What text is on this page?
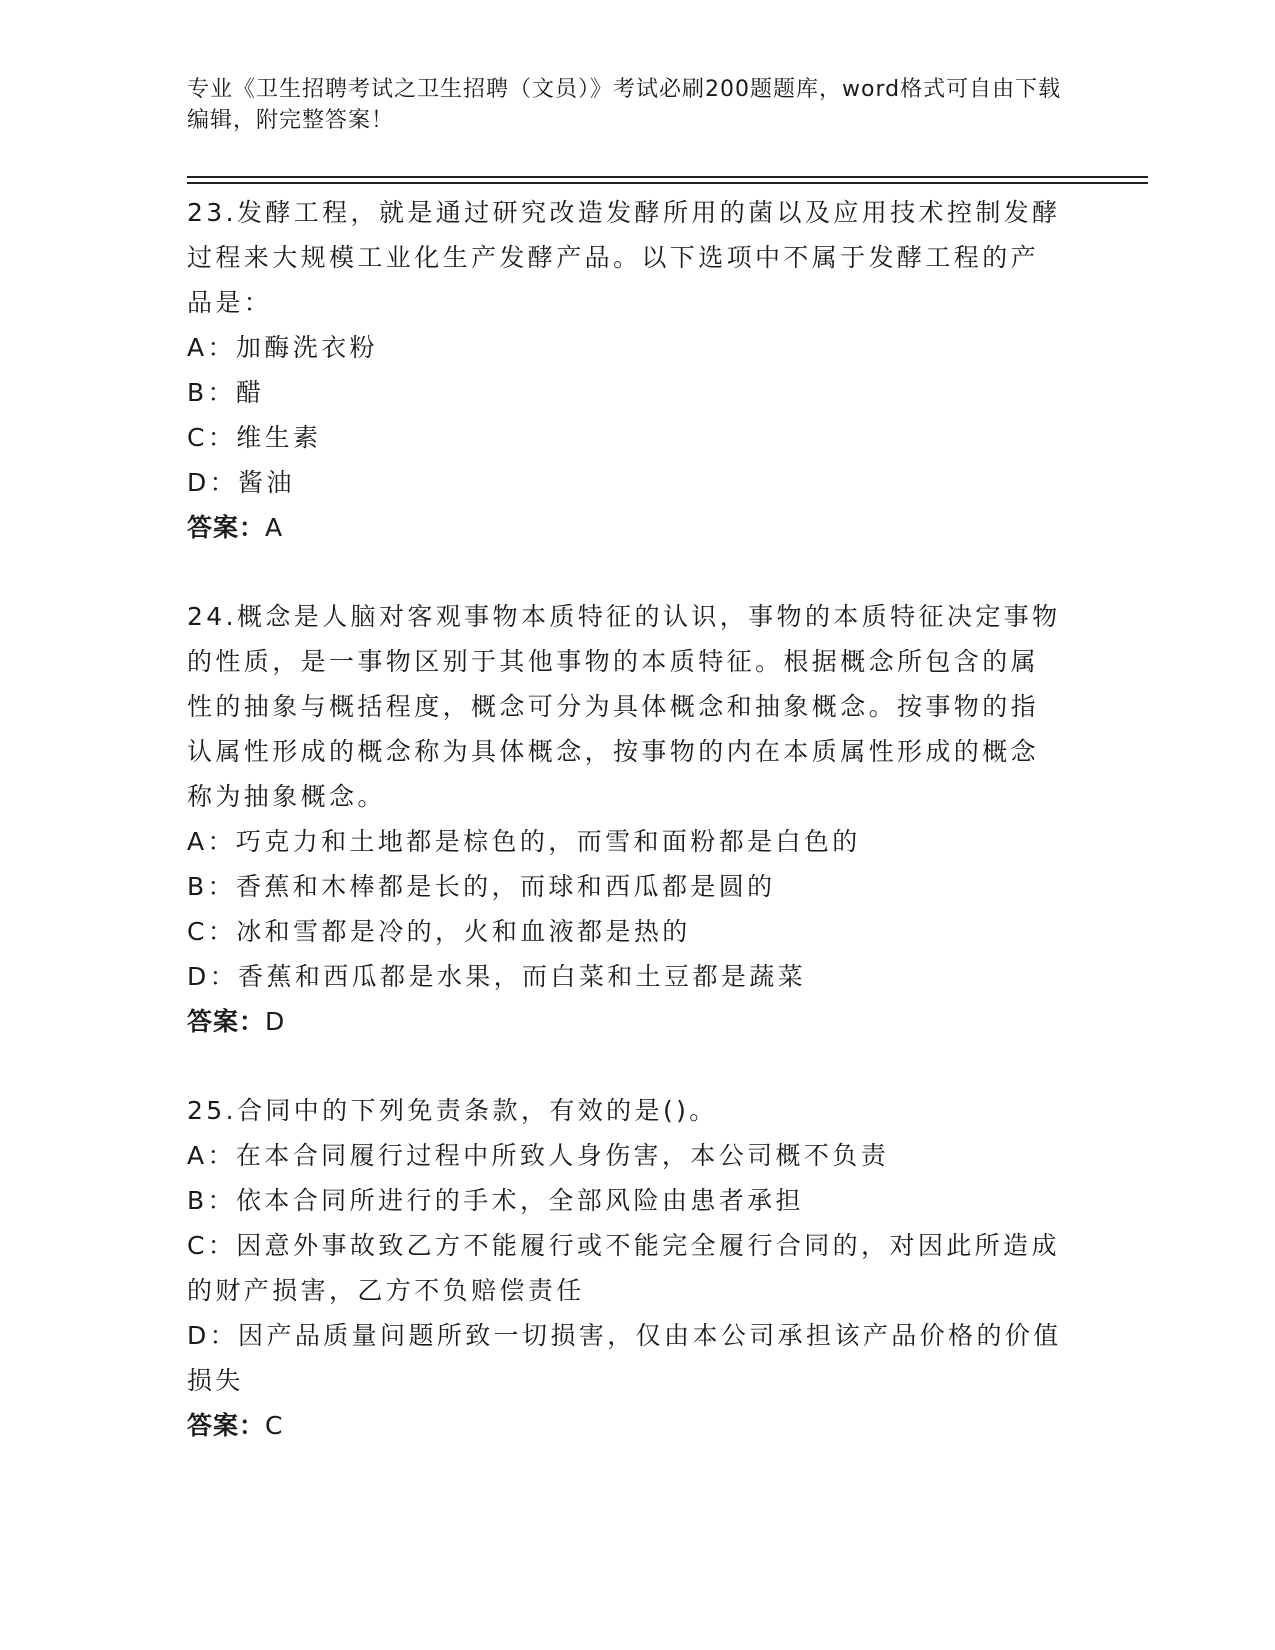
专业《卫生招聘考试之卫生招聘（文员）》考试必刷200题题库，word格式可自由下载编辑，附完整答案！

23.发酵工程，就是通过研究改造发酵所用的菌以及应用技术控制发酵过程来大规模工业化生产发酵产品。以下选项中不属于发酵工程的产品是：

A：加酶洗衣粉

B：醋

C：维生素

D：酱油

答案：A

24.概念是人脑对客观事物本质特征的认识，事物的本质特征决定事物的性质，是一事物区别于其他事物的本质特征。根据概念所包含的属性的抽象与概括程度，概念可分为具体概念和抽象概念。按事物的指认属性形成的概念称为具体概念，按事物的内在本质属性形成的概念称为抽象概念。

A：巧克力和土地都是棕色的，而雪和面粉都是白色的

B：香蕉和木棒都是长的，而球和西瓜都是圆的

C：冰和雪都是冷的，火和血液都是热的

D：香蕉和西瓜都是水果，而白菜和土豆都是蔬菜

答案：D

25.合同中的下列免责条款，有效的是()。

A：在本合同履行过程中所致人身伤害，本公司概不负责

B：依本合同所进行的手术，全部风险由患者承担

C：因意外事故致乙方不能履行或不能完全履行合同的，对因此所造成的财产损害，乙方不负赔偿责任

D：因产品质量问题所致一切损害，仅由本公司承担该产品价格的价值损失

答案：C
